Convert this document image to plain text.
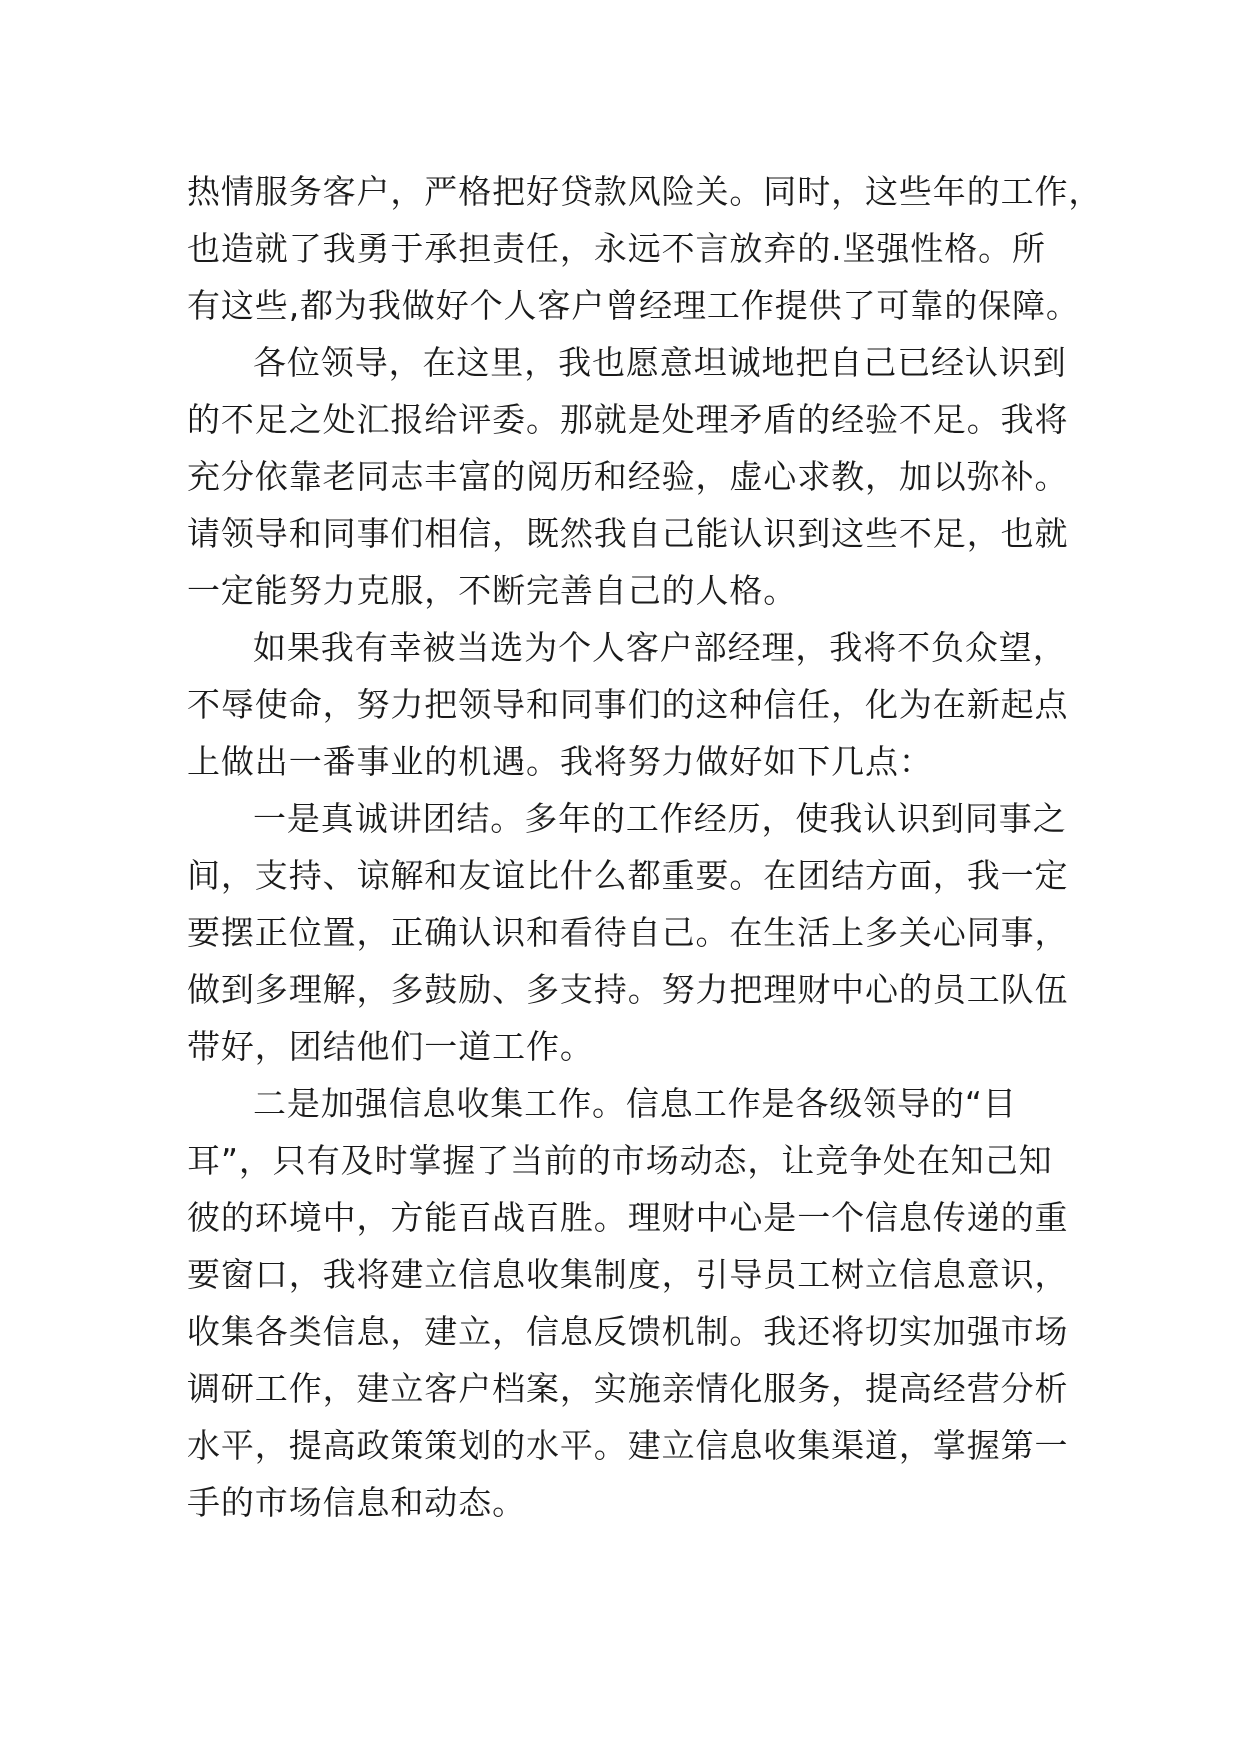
热情服务客户，严格把好贷款风险关。同时，这些年的工作，
也造就了我勇于承担责任，永远不言放弃的.坚强性格。所
有这些,都为我做好个人客户曾经理工作提供了可靠的保障。
各位领导，在这里，我也愿意坦诚地把自己已经认识到
的不足之处汇报给评委。那就是处理矛盾的经验不足。我将
充分依靠老同志丰富的阅历和经验，虚心求教，加以弥补。
请领导和同事们相信，既然我自己能认识到这些不足，也就
一定能努力克服，不断完善自己的人格。
如果我有幸被当选为个人客户部经理，我将不负众望，
不辱使命，努力把领导和同事们的这种信任，化为在新起点
上做出一番事业的机遇。我将努力做好如下几点：
一是真诚讲团结。多年的工作经历，使我认识到同事之
间，支持、谅解和友谊比什么都重要。在团结方面，我一定
要摆正位置，正确认识和看待自己。在生活上多关心同事，
做到多理解，多鼓励、多支持。努力把理财中心的员工队伍
带好，团结他们一道工作。
二是加强信息收集工作。信息工作是各级领导的“目
耳”，只有及时掌握了当前的市场动态，让竞争处在知己知
彼的环境中，方能百战百胜。理财中心是一个信息传递的重
要窗口，我将建立信息收集制度，引导员工树立信息意识，
收集各类信息，建立，信息反馈机制。我还将切实加强市场
调研工作，建立客户档案，实施亲情化服务，提高经营分析
水平，提高政策策划的水平。建立信息收集渠道，掌握第一
手的市场信息和动态。
